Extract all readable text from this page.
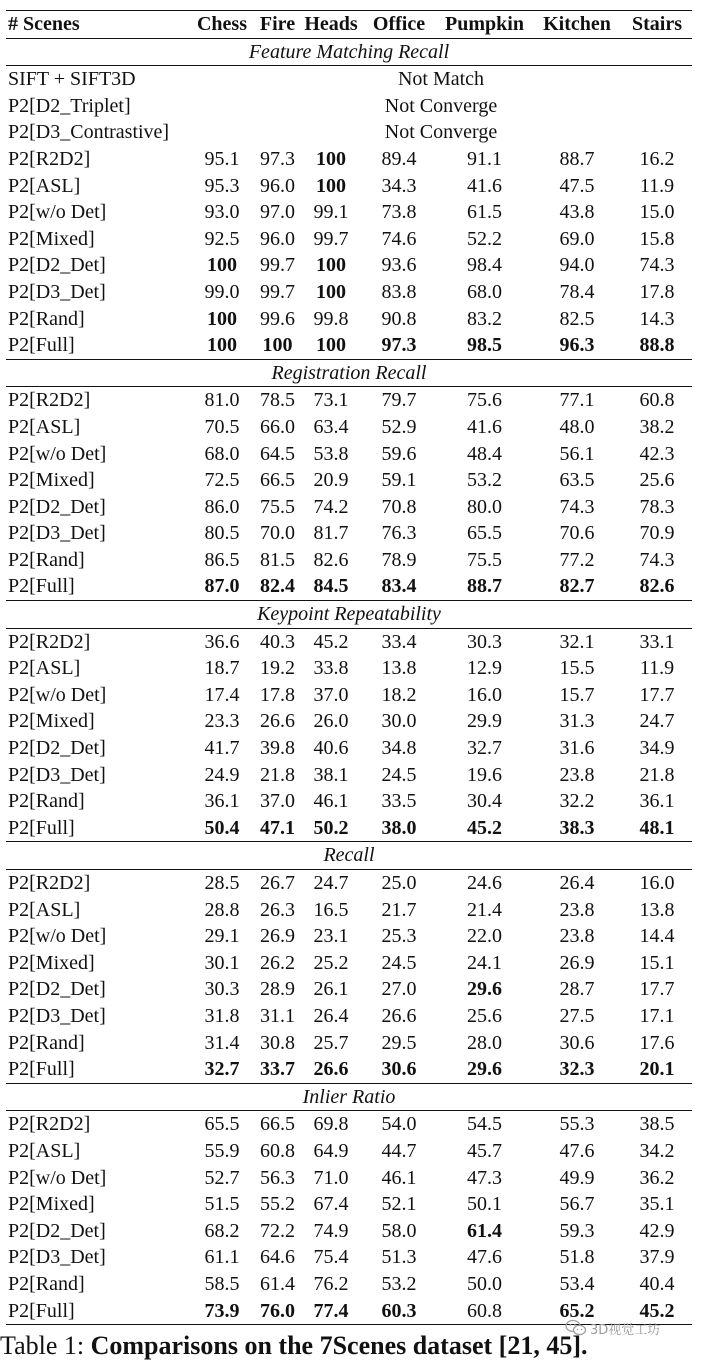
# Scenes	Chess	Fire	Heads	Office	Pumpkin	Kitchen	Stairs
Feature Matching Recall							
SIFT + SIFT3D	Not Match						
P2[D2_Triplet]	Not Converge						
P2[D3_Contrastive]	Not Converge						
P2[R2D2]	95.1	97.3	100	89.4	91.1	88.7	16.2
P2[ASL]	95.3	96.0	100	34.3	41.6	47.5	11.9
P2[w/o Det]	93.0	97.0	99.1	73.8	61.5	43.8	15.0
P2[Mixed]	92.5	96.0	99.7	74.6	52.2	69.0	15.8
P2[D2_Det]	100	99.7	100	93.6	98.4	94.0	74.3
P2[D3_Det]	99.0	99.7	100	83.8	68.0	78.4	17.8
P2[Rand]	100	99.6	99.8	90.8	83.2	82.5	14.3
P2[Full]	100	100	100	97.3	98.5	96.3	88.8
Registration Recall							
P2[R2D2]	81.0	78.5	73.1	79.7	75.6	77.1	60.8
P2[ASL]	70.5	66.0	63.4	52.9	41.6	48.0	38.2
P2[w/o Det]	68.0	64.5	53.8	59.6	48.4	56.1	42.3
P2[Mixed]	72.5	66.5	20.9	59.1	53.2	63.5	25.6
P2[D2_Det]	86.0	75.5	74.2	70.8	80.0	74.3	78.3
P2[D3_Det]	80.5	70.0	81.7	76.3	65.5	70.6	70.9
P2[Rand]	86.5	81.5	82.6	78.9	75.5	77.2	74.3
P2[Full]	87.0	82.4	84.5	83.4	88.7	82.7	82.6
Keypoint Repeatability							
P2[R2D2]	36.6	40.3	45.2	33.4	30.3	32.1	33.1
P2[ASL]	18.7	19.2	33.8	13.8	12.9	15.5	11.9
P2[w/o Det]	17.4	17.8	37.0	18.2	16.0	15.7	17.7
P2[Mixed]	23.3	26.6	26.0	30.0	29.9	31.3	24.7
P2[D2_Det]	41.7	39.8	40.6	34.8	32.7	31.6	34.9
P2[D3_Det]	24.9	21.8	38.1	24.5	19.6	23.8	21.8
P2[Rand]	36.1	37.0	46.1	33.5	30.4	32.2	36.1
P2[Full]	50.4	47.1	50.2	38.0	45.2	38.3	48.1
Recall							
P2[R2D2]	28.5	26.7	24.7	25.0	24.6	26.4	16.0
P2[ASL]	28.8	26.3	16.5	21.7	21.4	23.8	13.8
P2[w/o Det]	29.1	26.9	23.1	25.3	22.0	23.8	14.4
P2[Mixed]	30.1	26.2	25.2	24.5	24.1	26.9	15.1
P2[D2_Det]	30.3	28.9	26.1	27.0	29.6	28.7	17.7
P2[D3_Det]	31.8	31.1	26.4	26.6	25.6	27.5	17.1
P2[Rand]	31.4	30.8	25.7	29.5	28.0	30.6	17.6
P2[Full]	32.7	33.7	26.6	30.6	29.6	32.3	20.1
Inlier Ratio							
P2[R2D2]	65.5	66.5	69.8	54.0	54.5	55.3	38.5
P2[ASL]	55.9	60.8	64.9	44.7	45.7	47.6	34.2
P2[w/o Det]	52.7	56.3	71.0	46.1	47.3	49.9	36.2
P2[Mixed]	51.5	55.2	67.4	52.1	50.1	56.7	35.1
P2[D2_Det]	68.2	72.2	74.9	58.0	61.4	59.3	42.9
P2[D3_Det]	61.1	64.6	75.4	51.3	47.6	51.8	37.9
P2[Rand]	58.5	61.4	76.2	53.2	50.0	53.4	40.4
P2[Full]	73.9	76.0	77.4	60.3	60.8	65.2	45.2
3D视觉工坊
Table 1: Comparisons on the 7Scenes dataset [21, 45].
